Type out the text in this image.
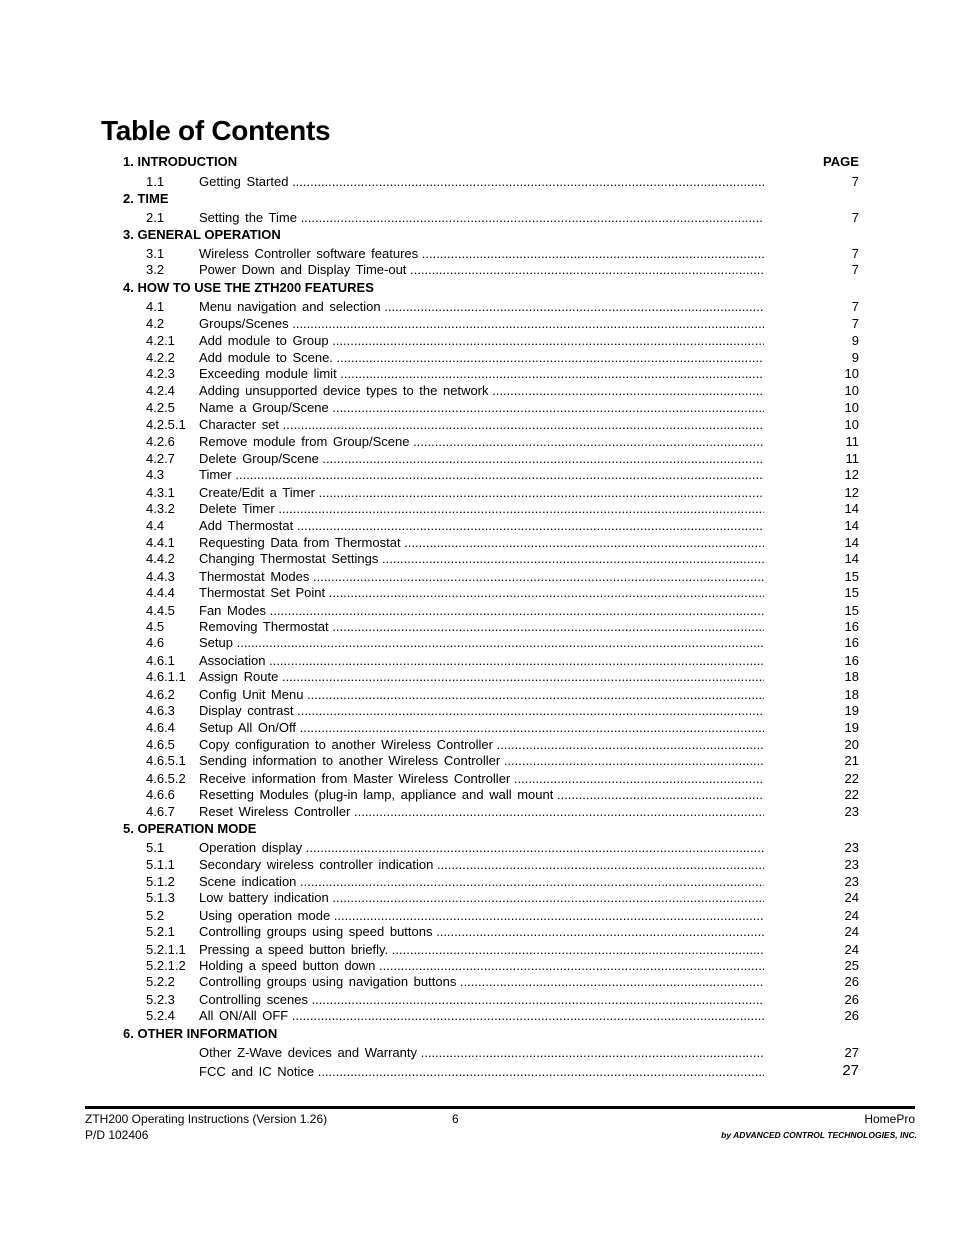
Table of Contents
PAGE
1. INTRODUCTION
1.1	Getting Started .....	7
2. TIME
2.1	Setting the Time .....	7
3. GENERAL OPERATION
3.1	Wireless Controller software features .....	7
3.2	Power Down and Display Time-out .....	7
4. HOW TO USE THE ZTH200 FEATURES
4.1	Menu navigation and selection .....	7
4.2	Groups/Scenes .....	7
4.2.1 Add module to Group .....	9
4.2.2 Add module to Scene. .....	9
4.2.3 Exceeding module limit .....	10
4.2.4 Adding unsupported device types to the network .....	10
4.2.5 Name a Group/Scene .....	10
4.2.5.1 Character set .....	10
4.2.6 Remove module from Group/Scene .....	11
4.2.7 Delete Group/Scene .....	11
4.3	Timer .....	12
4.3.1 Create/Edit a Timer .....	12
4.3.2 Delete Timer .....	14
4.4	Add Thermostat .....	14
4.4.1 Requesting Data from Thermostat .....	14
4.4.2 Changing Thermostat Settings .....	14
4.4.3 Thermostat Modes .....	15
4.4.4 Thermostat Set Point .....	15
4.4.5 Fan Modes .....	15
4.5	Removing Thermostat .....	16
4.6	Setup .....	16
4.6.1 Association .....	16
4.6.1.1 Assign Route .....	18
4.6.2 Config Unit Menu .....	18
4.6.3 Display contrast .....	19
4.6.4 Setup All On/Off .....	19
4.6.5 Copy configuration to another Wireless Controller .....	20
4.6.5.1 Sending information to another Wireless Controller .....	21
4.6.5.2 Receive information from Master Wireless Controller .....	22
4.6.6 Resetting Modules (plug-in lamp, appliance and wall mount .....	22
4.6.7 Reset Wireless Controller .....	23
5. OPERATION MODE
5.1	Operation display .....	23
5.1.1 Secondary wireless controller indication .....	23
5.1.2 Scene indication .....	23
5.1.3 Low battery indication .....	24
5.2	Using operation mode .....	24
5.2.1 Controlling groups using speed buttons .....	24
5.2.1.1 Pressing a speed button briefly. .....	24
5.2.1.2 Holding a speed button down .....	25
5.2.2 Controlling groups using navigation buttons .....	26
5.2.3 Controlling scenes .....	26
5.2.4 All ON/All OFF .....	26
6. OTHER INFORMATION
Other Z-Wave devices and Warranty .....	27
FCC and IC Notice .....	27
ZTH200 Operating Instructions (Version 1.26)
P/D 102406
6	HomePro
by ADVANCED CONTROL TECHNOLOGIES, INC.
